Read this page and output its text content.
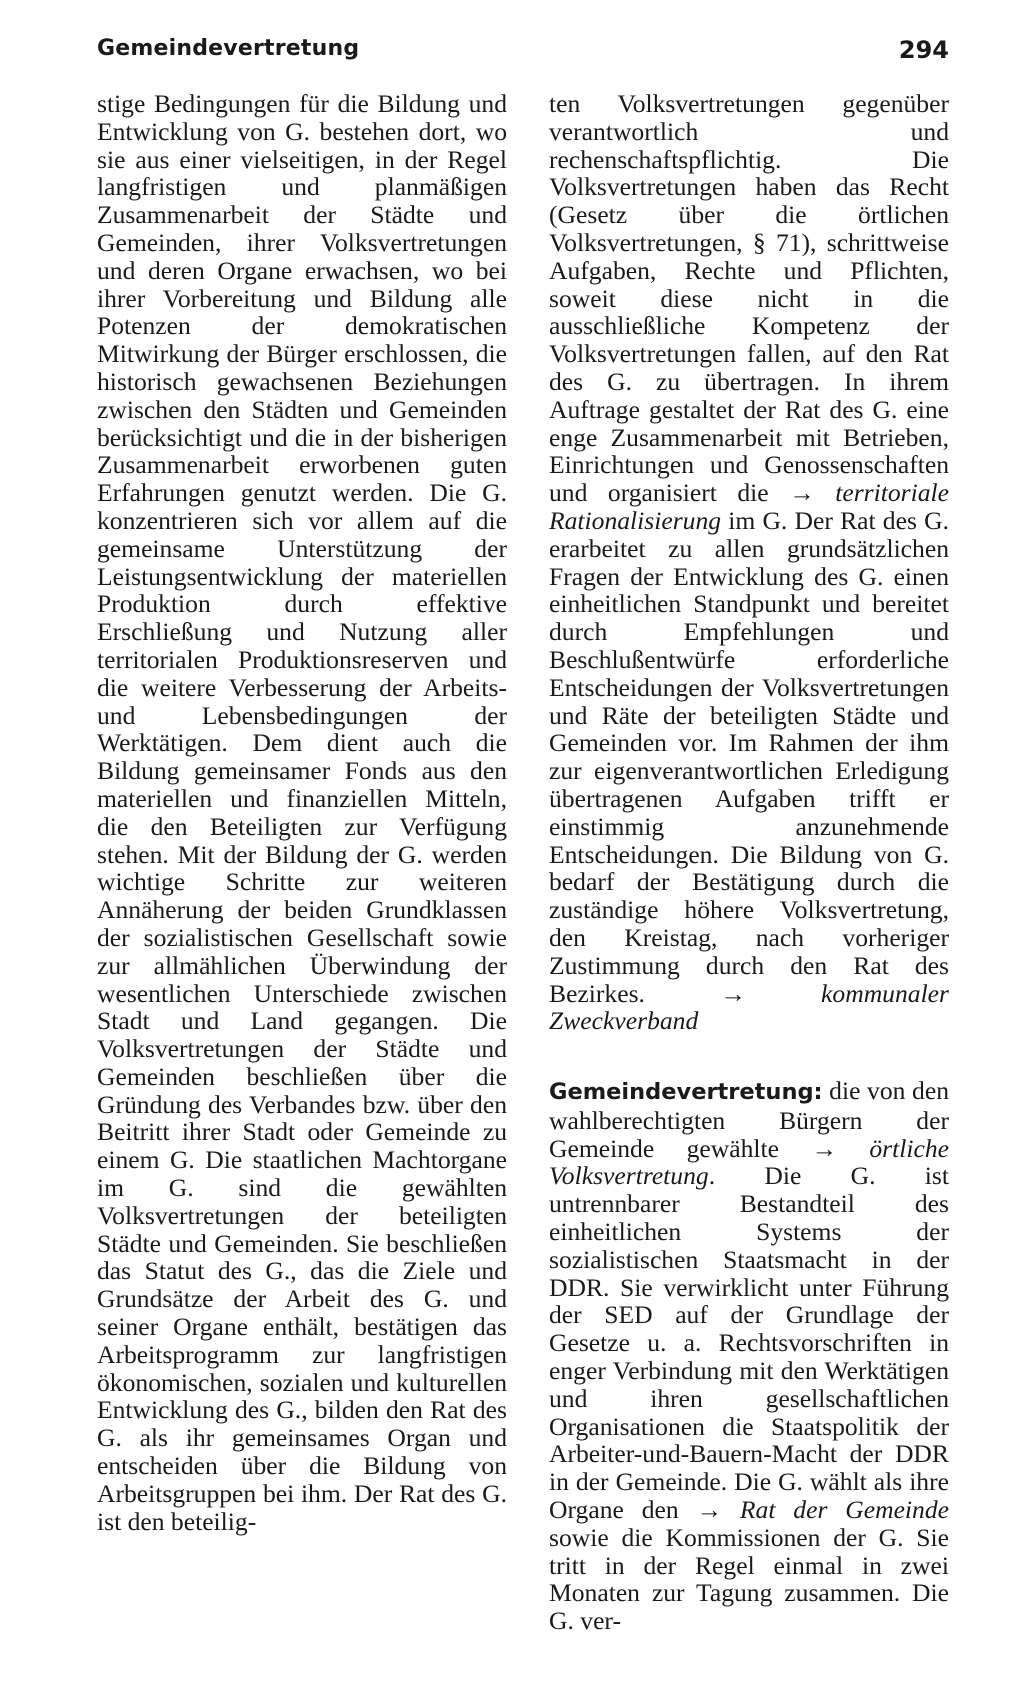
Gemeindevertretung	294

stige Bedingungen für die Bildung und Entwicklung von G. bestehen dort, wo sie aus einer vielseitigen, in der Regel langfristigen und planmäßigen Zusammenarbeit der Städte und Gemeinden, ihrer Volksvertretungen und deren Organe erwachsen, wo bei ihrer Vorbereitung und Bildung alle Potenzen der demokratischen Mitwirkung der Bürger erschlossen, die historisch gewachsenen Beziehungen zwischen den Städten und Gemeinden berücksichtigt und die in der bisherigen Zusammenarbeit erworbenen guten Erfahrungen genutzt werden. Die G. konzentrieren sich vor allem auf die gemeinsame Unterstützung der Leistungsentwicklung der materiellen Produktion durch effektive Erschließung und Nutzung aller territorialen Produktionsreserven und die weitere Verbesserung der Arbeits- und Lebensbedingungen der Werktätigen. Dem dient auch die Bildung gemeinsamer Fonds aus den materiellen und finanziellen Mitteln, die den Beteiligten zur Verfügung stehen. Mit der Bildung der G. werden wichtige Schritte zur weiteren Annäherung der beiden Grundklassen der sozialistischen Gesellschaft sowie zur allmählichen Überwindung der wesentlichen Unterschiede zwischen Stadt und Land gegangen. Die Volksvertretungen der Städte und Gemeinden beschließen über die Gründung des Verbandes bzw. über den Beitritt ihrer Stadt oder Gemeinde zu einem G. Die staatlichen Machtorgane im G. sind die gewählten Volksvertretungen der beteiligten Städte und Gemeinden. Sie beschließen das Statut des G., das die Ziele und Grundsätze der Arbeit des G. und seiner Organe enthält, bestätigen das Arbeitsprogramm zur langfristigen ökonomischen, sozialen und kulturellen Entwicklung des G., bilden den Rat des G. als ihr gemeinsames Organ und entscheiden über die Bildung von Arbeitsgruppen bei ihm. Der Rat des G. ist den beteilig-

ten Volksvertretungen gegenüber verantwortlich und rechenschaftspflichtig. Die Volksvertretungen haben das Recht (Gesetz über die örtlichen Volksvertretungen, § 71), schrittweise Aufgaben, Rechte und Pflichten, soweit diese nicht in die ausschließliche Kompetenz der Volksvertretungen fallen, auf den Rat des G. zu übertragen. In ihrem Auftrage gestaltet der Rat des G. eine enge Zusammenarbeit mit Betrieben, Einrichtungen und Genossenschaften und organisiert die → territoriale Rationalisierung im G. Der Rat des G. erarbeitet zu allen grundsätzlichen Fragen der Entwicklung des G. einen einheitlichen Standpunkt und bereitet durch Empfehlungen und Beschlußentwürfe erforderliche Entscheidungen der Volksvertretungen und Räte der beteiligten Städte und Gemeinden vor. Im Rahmen der ihm zur eigenverantwortlichen Erledigung übertragenen Aufgaben trifft er einstimmig anzunehmende Entscheidungen. Die Bildung von G. bedarf der Bestätigung durch die zuständige höhere Volksvertretung, den Kreistag, nach vorheriger Zustimmung durch den Rat des Bezirkes. → kommunaler Zweckverband

Gemeindevertretung: die von den wahlberechtigten Bürgern der Gemeinde gewählte → örtliche Volksvertretung. Die G. ist untrennbarer Bestandteil des einheitlichen Systems der sozialistischen Staatsmacht in der DDR. Sie verwirklicht unter Führung der SED auf der Grundlage der Gesetze u. a. Rechtsvorschriften in enger Verbindung mit den Werktätigen und ihren gesellschaftlichen Organisationen die Staatspolitik der Arbeiter-und-Bauern-Macht der DDR in der Gemeinde. Die G. wählt als ihre Organe den → Rat der Gemeinde sowie die Kommissionen der G. Sie tritt in der Regel einmal in zwei Monaten zur Tagung zusammen. Die G. ver-
